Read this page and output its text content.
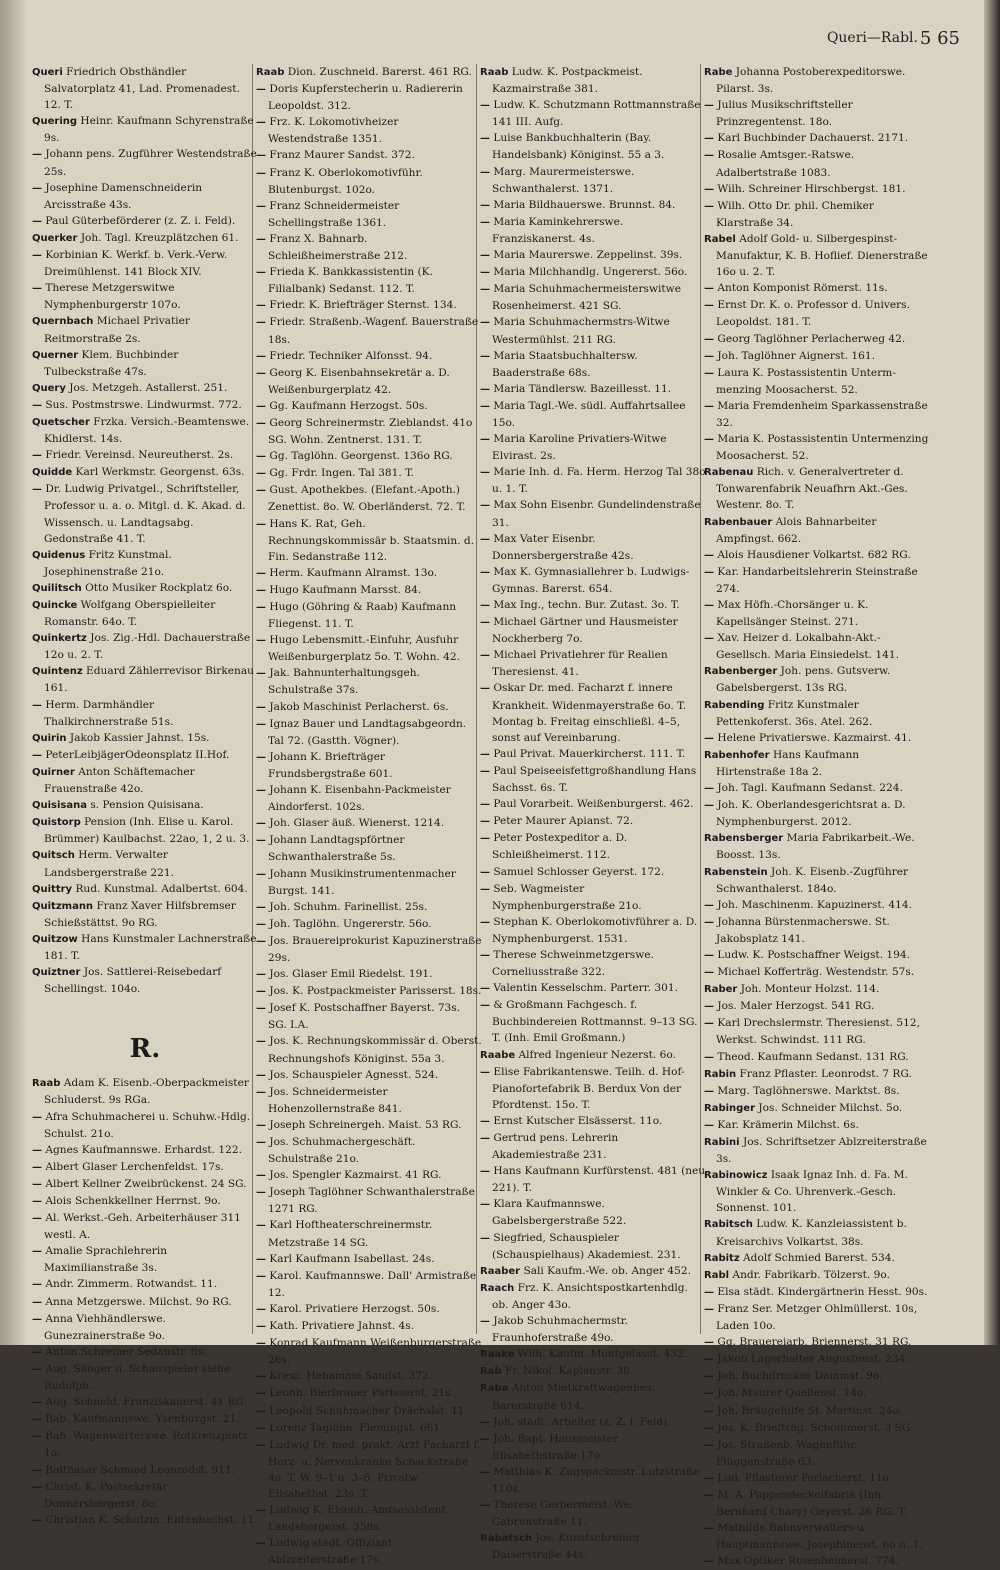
Queri—Rabl. 5 65
Queri Friedrich Obsthändler Salvatorplatz 41, Lad. Promenadest. 12. T.
Quering Heinr. Kaufmann Schyrenstraße 9s.
— Johann pens. Zugführer Westendstraße 25s.
— Josephine Damenschneiderin Arcisstraße 43s.
— Paul Güterbeförderer (z. Z. i. Feld).
Querker Joh. Tagl. Kreuzplätzchen 61.
— Korbinian K. Werkf. b. Verk.-Verw. Dreimühlenst. 141 Block XIV.
— Therese Metzgerswitwe Nymphenburgerstr 107o.
Quernbach Michael Privatier Reitmorstraße 2s.
Querner Klem. Buchbinder Tulbeckstraße 47s.
Query Jos. Metzgeh. Astallerst. 251.
— Sus. Postmstrswe. Lindwurmst. 772.
Quetscher Frzka. Versich.-Beamtenswe. Khidlerst. 14s.
— Friedr. Vereinsd. Neureutherst. 2s.
Quidde Karl Werkmstr. Georgenst. 63s.
— Dr. Ludwig Privatgel., Schriftsteller, Professor u. a. o. Mitgl. d. K. Akad. d. Wissensch. u. Landtagsabg. Gedonstraße 41. T.
Quidenus Fritz Kunstmal. Josephinenstraße 21o.
Quilitsch Otto Musiker Rockplatz 6o.
Quincke Wolfgang Oberspielleiter Romanstr. 64o. T.
Quinkertz Jos. Zig.-Hdl. Dachauerstraße 12o u. 2. T.
Quintenz Eduard Zählerrevisor Birkenau 161.
— Herm. Darmhändler Thalkirchnerstraße 51s.
Quirin Jakob Kassier Jahnst. 15s.
— PeterLeibjägerOdeonsplatz II.Hof.
Quirner Anton Schäftemacher Frauenstraße 42o.
Quisisana s. Pension Quisisana.
Quistorp Pension (Inh. Elise u. Karol. Brümmer) Kaulbachst. 22ao, 1, 2 u. 3.
Quitsch Herm. Verwalter Landsbergerstraße 221.
Quittry Rud. Kunstmal. Adalbertst. 604.
Quitzmann Franz Xaver Hilfsbremser Schießstättst. 9o RG.
Quitzow Hans Kunstmaler Lachnerstraße 181. T.
Quiztner Jos. Sattlerei-Reisebedarf Schellingst. 104o.
R.
Raab Adam K. Eisenb.-Oberpackmeister Schluderst. 9s RGa.
— Afra Schuhmacherei u. Schuhw.-Hdlg. Schulst. 21o.
— Agnes Kaufmannswe. Erhardst. 122.
— Albert Glaser Lerchenfeldst. 17s.
— Albert Kellner Zweibrückenst. 24 SG.
— Alois Schenkkellner Herrnst. 9o.
— Al. Werkst.-Geh. Arbeiterhäuser 311 westl. A.
— Amalie Sprachlehrerin Maximilianstraße 3s.
— Andr. Zimmerm. Rotwandst. 11.
— Anna Metzgerswe. Milchst. 9o RG.
— Anna Viehhändlerswe. Gunezrainerstraße 9o.
— Anton Schreiner Sedanstr. 8s.
— Aug. Sänger u. Schauspieler siehe Rudolph.
— Aug. Schneid. Franziskanerst. 41 RG.
— Bab. Kaufmannswe. Ysenburgst. 21.
— Bab. Wagenwärterswe. Rotkreuzplatz 1o.
— Balthasar Schmied Leonrodst. 911.
— Christ. K. Postsekretär Donnersbergerst. 8o.
— Christian K. Schutzm. Entenbachst. 11.
Raab Dion. Zuschneid. Barerst. 461 RG.
— Doris Kupferstecherin u. Radiererin Leopoldst. 312.
— Frz. K. Lokomotivheizer Westendstraße 1351.
— Franz Maurer Sandst. 372.
— Franz K. Oberlokomotivführ. Blutenburgst. 102o.
— Franz Schneidermeister Schellingstraße 1361.
— Franz X. Bahnarb. Schleißheimerstraße 212.
— Frieda K. Bankkassistentin (K. Filialbank) Sedanst. 112. T.
— Friedr. K. Briefträger Sternst. 134.
— Friedr. Straßenb.-Wagenf. Bauerstraße 18s.
— Friedr. Techniker Alfonsst. 94.
— Georg K. Eisenbahnsekretär a. D. Weißenburgerplatz 42.
— Gg. Kaufmann Herzogst. 50s.
— Georg Schreinermstr. Zieblandst. 41o SG. Wohn. Zentnerst. 131. T.
— Gg. Taglöhn. Georgenst. 136o RG.
— Gg. Frdr. Ingen. Tal 381. T.
— Gust. Apothekbes. (Elefant.-Apoth.) Zenettist. 8o. W. Oberländerst. 72. T.
— Hans K. Rat, Geh. Rechnungskommissär b. Staatsmin. d. Fin. Sedanstraße 112.
— Herm. Kaufmann Alramst. 13o.
— Hugo Kaufmann Marsst. 84.
— Hugo (Göhring & Raab) Kaufmann Fliegenst. 11. T.
— Hugo Lebensmitt.-Einfuhr, Ausfuhr Weißenburgerplatz 5o. T. Wohn. 42.
— Jak. Bahnunterhaltungsgeh. Schulstraße 37s.
— Jakob Maschinist Perlacherst. 6s.
— Ignaz Bauer und Landtagsabgeordn. Tal 72. (Gastth. Vögner).
— Johann K. Briefträger Frundsbergstraße 601.
— Johann K. Eisenbahn-Packmeister Aindorferst. 102s.
— Joh. Glaser äuß. Wienerst. 1214.
— Johann Landtagspförtner Schwanthalerstraße 5s.
— Johann Musikinstrumentenmacher Burgst. 141.
— Joh. Schuhm. Farinellist. 25s.
— Joh. Taglöhn. Ungererstr. 56o.
— Jos. Brauereiprokurist Kapuzinerstraße 29s.
— Jos. Glaser Emil Riedelst. 191.
— Jos. K. Postpackmeister Parisserst. 18s.
— Josef K. Postschaffner Bayerst. 73s. SG. I.A.
— Jos. K. Rechnungskommissär d. Oberst. Rechnungshofs Königinst. 55a 3.
— Jos. Schauspieler Agnesst. 524.
— Jos. Schneidermeister Hohenzollernstraße 841.
— Joseph Schreinergeh. Maist. 53 RG.
— Jos. Schuhmachergeschäft. Schulstraße 21o.
— Jos. Spengler Kazmairst. 41 RG.
— Joseph Taglöhner Schwanthalerstraße 1271 RG.
— Karl Hoftheaterschreinermstr. Metzstraße 14 SG.
— Karl Kaufmann Isabellast. 24s.
— Karol. Kaufmannswe. Dall' Armistraße 12.
— Karol. Privatiere Herzogst. 50s.
— Kath. Privatiere Jahnst. 4s.
— Konrad Kaufmann Weißenburgerstraße 26s.
— Kresz. Hebamme Sandst. 372.
— Leonh. Bierbrauer Parisserst. 21s.
— Leopold Schuhmacher Drächslst. 11.
— Lorenz Taglöhn. Flemingst. 661.
— Ludwig Dr. med. prakt. Arzt Facharzt f. Herz- u. Nervenkranke Schackstraße 4o. T. W. 9–1 u. 3–6. Privatw. Elisabethst. 23s. T.
— Ludwig K. Eisenb.-Amtsassistent Landsbergerst. 358s.
— Ludwig städt. Offiziant Ablzreiterstraße 17s.
Raab Ludw. K. Postpackmeist. Kazmairstraße 381.
— Ludw. K. Schutzmann Rottmannstraße 141 III. Aufg.
— Luise Bankbuchhalterin (Bay. Handelsbank) Königinst. 55 a 3.
— Marg. Maurermeisterswe. Schwanthalerst. 1371.
— Maria Bildhauerswe. Brunnst. 84.
— Maria Kaminkehrerswe. Franziskanerst. 4s.
— Maria Maurerswe. Zeppelinst. 39s.
— Maria Milchhandlg. Ungererst. 56o.
— Maria Schuhmachermeisterswitwe Rosenheimerst. 421 SG.
— Maria Schuhmachermstrs-Witwe Westermühlst. 211 RG.
— Maria Staatsbuchhaltersw. Baaderstraße 68s.
— Maria Tändlersw. Bazeillesst. 11.
— Maria Tagl.-We. südl. Auffahrtsallee 15o.
— Maria Karoline Privatiers-Witwe Elvirast. 2s.
— Marie Inh. d. Fa. Herm. Herzog Tal 38o u. 1. T.
— Max Sohn Eisenbr. Gundelindenstraße 31.
— Max Vater Eisenbr. Donnersbergerstraße 42s.
— Max K. Gymnasiallehrer b. Ludwigs-Gymnas. Barerst. 654.
— Max Ing., techn. Bur. Zutast. 3o. T.
— Michael Gärtner und Hausmeister Nockherberg 7o.
— Michael Privatlehrer für Realien Theresienst. 41.
— Oskar Dr. med. Facharzt f. innere Krankheit. Widenmayerstraße 6o. T. Montag b. Freitag einschließl. 4–5, sonst auf Vereinbarung.
— Paul Privat. Mauerkircherst. 111. T.
— Paul Speiseeisfettgroßhandlung Hans Sachsst. 6s. T.
— Paul Vorarbeit. Weißenburgerst. 462.
— Peter Maurer Apianst. 72.
— Peter Postexpeditor a. D. Schleißheimerst. 112.
— Samuel Schlosser Geyerst. 172.
— Seb. Wagmeister Nymphenburgerstraße 21o.
— Stephan K. Oberlokomotivführer a. D. Nymphenburgerst. 1531.
— Therese Schweinmetzgerswe. Corneliusstraße 322.
— Valentin Kesselschm. Parterr. 301.
— & Großmann Fachgesch. f. Buchbindereien Rottmannst. 9–13 SG. T. (Inh. Emil Großmann.)
Raabe Alfred Ingenieur Nezerst. 6o.
— Elise Fabrikantenswe. Teilh. d. Hof-Pianofortefabrik B. Berdux Von der Pfordtenst. 15o. T.
— Ernst Kutscher Elsässerst. 11o.
— Gertrud pens. Lehrerin Akademiestraße 231.
— Hans Kaufmann Kurfürstenst. 481 (neu 221). T.
— Klara Kaufmannswe. Gabelsbergerstraße 522.
— Siegfried, Schauspieler (Schauspielhaus) Akademiest. 231.
Raaber Sali Kaufm.-We. ob. Anger 452.
Raach Frz. K. Ansichtspostkartenhdlg. ob. Anger 43o.
— Jakob Schuhmachermstr. Fraunhoferstraße 49o.
Raake Wilh. Kaufm. Montgelasst. 432.
Rab Fr. Nikol. Kaplanstr. 38.
Raba Anton Mietkraftwagenbes. Barerstraße 614.
— Joh. städt. Arbeiter (z. Z. i. Feld).
— Joh. Bapt. Hausmeister Elisabethstraße 17o.
— Matthias K. Zugspackmstr. Lutzstraße 110s.
— Therese Gerbermeist.-We. Gabrunstraße 11.
Rabatsch Jos. Kunstschreiner Daiserstraße 44s.
Rabe Johanna Postoberexpeditorswe. Pilarst. 3s.
— Julius Musikschriftsteller Prinzregentenst. 18o.
— Karl Buchbinder Dachauerst. 2171.
— Rosalie Amtsger.-Ratswe. Adalbertstraße 1083.
— Wilh. Schreiner Hirschbergst. 181.
— Wilh. Otto Dr. phil. Chemiker Klarstraße 34.
Rabel Adolf Gold- u. Silbergespinst-Manufaktur, K. B. Hoflief. Dienerstraße 16o u. 2. T.
— Anton Komponist Römerst. 11s.
— Ernst Dr. K. o. Professor d. Univers. Leopoldst. 181. T.
— Georg Taglöhner Perlacherweg 42.
— Joh. Taglöhner Aignerst. 161.
— Laura K. Postassistentin Untermmenzing Moosacherst. 52.
— Maria Fremdenheim Sparkassenstraße 32.
— Maria K. Postassistentin Untermenzing Moosacherst. 52.
Rabenau Rich. v. Generalvertreter d. Tonwarenfabrik Neuafhrn Akt.-Ges. Westenr. 8o. T.
Rabenbauer Alois Bahnarbeiter Ampfingst. 662.
— Alois Hausdiener Volkartst. 682 RG.
— Kar. Handarbeitslehrerin Steinstraße 274.
— Max Höfh.-Chorsänger u. K. Kapellsänger Steinst. 271.
— Xav. Heizer d. Lokalbahn-Akt.-Gesellsch. Maria Einsiedelst. 141.
Rabenberger Joh. pens. Gutsverw. Gabelsbergerst. 13s RG.
Rabending Fritz Kunstmaler Pettenkoferst. 36s. Atel. 262.
— Helene Privatierswe. Kazmairst. 41.
Rabenhofer Hans Kaufmann Hirtenstraße 18a 2.
— Joh. Tagl. Kaufmann Sedanst. 224.
— Joh. K. Oberlandesgerichtsrat a. D. Nymphenburgerst. 2012.
Rabensberger Maria Fabrikarbeit.-We. Boosst. 13s.
Rabenstein Joh. K. Eisenb.-Zugführer Schwanthalerst. 184o.
— Joh. Maschinenm. Kapuzinerst. 414.
— Johanna Bürstenmacherswe. St. Jakobsplatz 141.
— Ludw. K. Postschaffner Weigst. 194.
— Michael Kofferträg. Westendstr. 57s.
Raber Joh. Monteur Holzst. 114.
— Jos. Maler Herzogst. 541 RG.
— Karl Drechslermstr. Theresienst. 512, Werkst. Schwindst. 111 RG.
— Theod. Kaufmann Sedanst. 131 RG.
Rabin Franz Pflaster. Leonrodst. 7 RG.
— Marg. Taglöhnerswe. Marktst. 8s.
Rabinger Jos. Schneider Milchst. 5o.
— Kar. Krämerin Milchst. 6s.
Rabini Jos. Schriftsetzer Ablzreiterstraße 3s.
Rabinowicz Isaak Ignaz Inh. d. Fa. M. Winkler & Co. Uhrenverk.-Gesch. Sonnenst. 101.
Rabitsch Ludw. K. Kanzleiassistent b. Kreisarchivs Volkartst. 38s.
Rabitz Adolf Schmied Barerst. 534.
Rabl Andr. Fabrikarb. Tölzerst. 9o.
— Elsa städt. Kindergärtnerin Hesst. 90s.
— Franz Ser. Metzger Ohlmüllerst. 10s, Laden 10o.
— Gg. Brauereiarb. Briennerst. 31 RG.
— Jakob Lagerhalter Augustenst. 234.
— Joh. Buchdrucker Dammst. 9o.
— Joh. Maurer Quellenst. 14o.
— Joh. Bräugehilfe St. Martinst. 24o.
— Jos. K. Briefträg. Schommerst. 3 SG.
— Jos. Straßenb.-Wagenführ. Flüggenstraße 63.
— Lud. Pflasterer Perlacherst. 11o.
— M. A. Pappendeckelfabrik (Inh. Bernhard Chary) Geyerst. 26 RG. T.
— Mathilde Bahnverwalters-u. Hauptmannswe. Josephinenst. 6o u. 1.
— Max Optiker Rosenheimerst. 774.
